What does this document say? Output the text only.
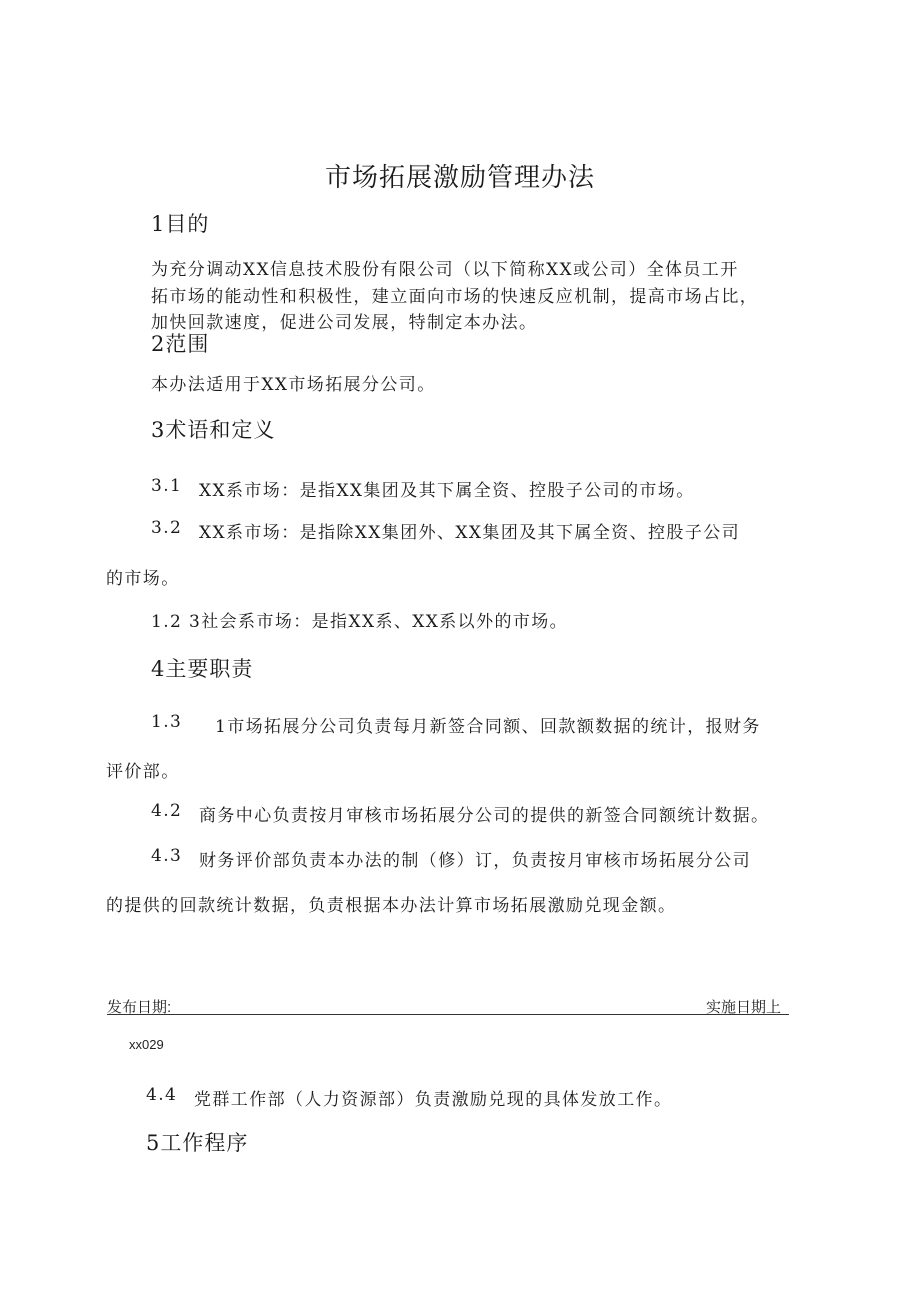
市场拓展激励管理办法
1目的
为充分调动XX信息技术股份有限公司（以下简称XX或公司）全体员工开
拓市场的能动性和积极性，建立面向市场的快速反应机制，提高市场占比，
加快回款速度，促进公司发展，特制定本办法。
2范围
本办法适用于XX市场拓展分公司。
3术语和定义
3.1 XX系市场：是指XX集团及其下属全资、控股子公司的市场。
3.2 XX系市场：是指除XX集团外、XX集团及其下属全资、控股子公司
的市场。
1.2 3社会系市场：是指XX系、XX系以外的市场。
4主要职责
1.3 1市场拓展分公司负责每月新签合同额、回款额数据的统计，报财务
评价部。
4.2 商务中心负责按月审核市场拓展分公司的提供的新签合同额统计数据。
4.3 财务评价部负责本办法的制（修）订，负责按月审核市场拓展分公司
的提供的回款统计数据，负责根据本办法计算市场拓展激励兑现金额。
发布日期:	实施日期上
xx029
4.4 党群工作部（人力资源部）负责激励兑现的具体发放工作。
5工作程序
